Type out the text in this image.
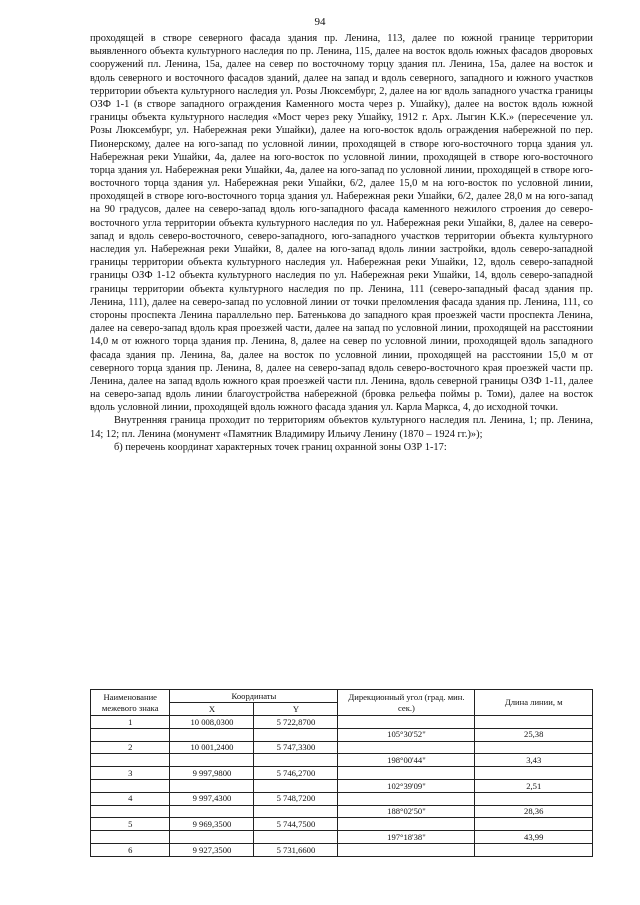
94

проходящей в створе северного фасада здания пр. Ленина, 113, далее по южной границе территории выявленного объекта культурного наследия по пр. Ленина, 115, далее на восток вдоль южных фасадов дворовых сооружений пл. Ленина, 15а, далее на север по восточному торцу здания пл. Ленина, 15а, далее на восток и вдоль северного и восточного фасадов зданий, далее на запад и вдоль северного, западного и южного участков территории объекта культурного наследия ул. Розы Люксембург, 2, далее на юг вдоль западного участка границы ОЗФ 1-1 (в створе западного ограждения Каменного моста через р. Ушайку), далее на восток вдоль южной границы объекта культурного наследия «Мост через реку Ушайку, 1912 г. Арх. Лыгин К.К.» (пересечение ул. Розы Люксембург, ул. Набережная реки Ушайки), далее на юго-восток вдоль ограждения набережной по пер. Пионерскому, далее на юго-запад по условной линии, проходящей в створе юго-восточного торца здания ул. Набережная реки Ушайки, 4а, далее на юго-восток по условной линии, проходящей в створе юго-восточного торца здания ул. Набережная реки Ушайки, 4а, далее на юго-запад по условной линии, проходящей в створе юго-восточного торца здания ул. Набережная реки Ушайки, 6/2, далее 15,0 м на юго-восток по условной линии, проходящей в створе юго-восточного торца здания ул. Набережная реки Ушайки, 6/2, далее 28,0 м на юго-запад на 90 градусов, далее на северо-запад вдоль юго-западного фасада каменного нежилого строения до северо-восточного угла территории объекта культурного наследия по ул. Набережная реки Ушайки, 8, далее на северо-запад и вдоль северо-восточного, северо-западного, юго-западного участков территории объекта культурного наследия ул. Набережная реки Ушайки, 8, далее на юго-запад вдоль линии застройки, вдоль северо-западной границы территории объекта культурного наследия ул. Набережная реки Ушайки, 12, вдоль северо-западной границы ОЗФ 1-12 объекта культурного наследия по ул. Набережная реки Ушайки, 14, вдоль северо-западной границы территории объекта культурного наследия по пр. Ленина, 111 (северо-западный фасад здания пр. Ленина, 111), далее на северо-запад по условной линии от точки преломления фасада здания пр. Ленина, 111, со стороны проспекта Ленина параллельно пер. Батенькова до западного края проезжей части проспекта Ленина, далее на северо-запад вдоль края проезжей части, далее на запад по условной линии, проходящей на расстоянии 14,0 м от южного торца здания пр. Ленина, 8, далее на север по условной линии, проходящей вдоль западного фасада здания пр. Ленина, 8а, далее на восток по условной линии, проходящей на расстоянии 15,0 м от северного торца здания пр. Ленина, 8, далее на северо-запад вдоль северо-восточного края проезжей части пр. Ленина, далее на запад вдоль южного края проезжей части пл. Ленина, вдоль северной границы ОЗФ 1-11, далее на северо-запад вдоль линии благоустройства набережной (бровка рельефа поймы р. Томи), далее на восток вдоль условной линии, проходящей вдоль южного фасада здания ул. Карла Маркса, 4, до исходной точки.

Внутренняя граница проходит по территориям объектов культурного наследия пл. Ленина, 1; пр. Ленина, 14; 12; пл. Ленина (монумент «Памятник Владимиру Ильичу Ленину (1870 – 1924 гг.)»);

б) перечень координат характерных точек границ охранной зоны ОЗР 1-17:

Наименование межевого знака	Координаты		Дирекционный угол (град. мин. сек.)	Длина линии, м
	X	Y		
1	10 008,0300	5 722,8700		
			105°30'52"	25,38
2	10 001,2400	5 747,3300		
			198°00'44"	3,43
3	9 997,9800	5 746,2700		
			102°39'09"	2,51
4	9 997,4300	5 748,7200		
			188°02'50"	28,36
5	9 969,3500	5 744,7500		
			197°18'38"	43,99
6	9 927,3500	5 731,6600		
